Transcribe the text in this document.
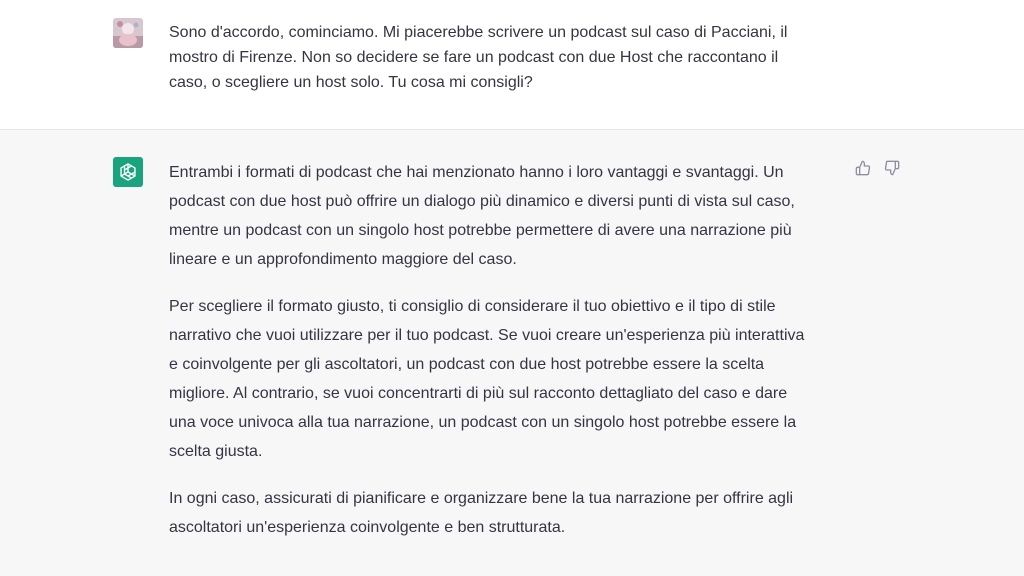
Sono d'accordo, cominciamo. Mi piacerebbe scrivere un podcast sul caso di Pacciani, il
mostro di Firenze. Non so decidere se fare un podcast con due Host che raccontano il
caso, o scegliere un host solo. Tu cosa mi consigli?

Entrambi i formati di podcast che hai menzionato hanno i loro vantaggi e svantaggi. Un
podcast con due host può offrire un dialogo più dinamico e diversi punti di vista sul caso,
mentre un podcast con un singolo host potrebbe permettere di avere una narrazione più
lineare e un approfondimento maggiore del caso.

Per scegliere il formato giusto, ti consiglio di considerare il tuo obiettivo e il tipo di stile
narrativo che vuoi utilizzare per il tuo podcast. Se vuoi creare un'esperienza più interattiva
e coinvolgente per gli ascoltatori, un podcast con due host potrebbe essere la scelta
migliore. Al contrario, se vuoi concentrarti di più sul racconto dettagliato del caso e dare
una voce univoca alla tua narrazione, un podcast con un singolo host potrebbe essere la
scelta giusta.

In ogni caso, assicurati di pianificare e organizzare bene la tua narrazione per offrire agli
ascoltatori un'esperienza coinvolgente e ben strutturata.
